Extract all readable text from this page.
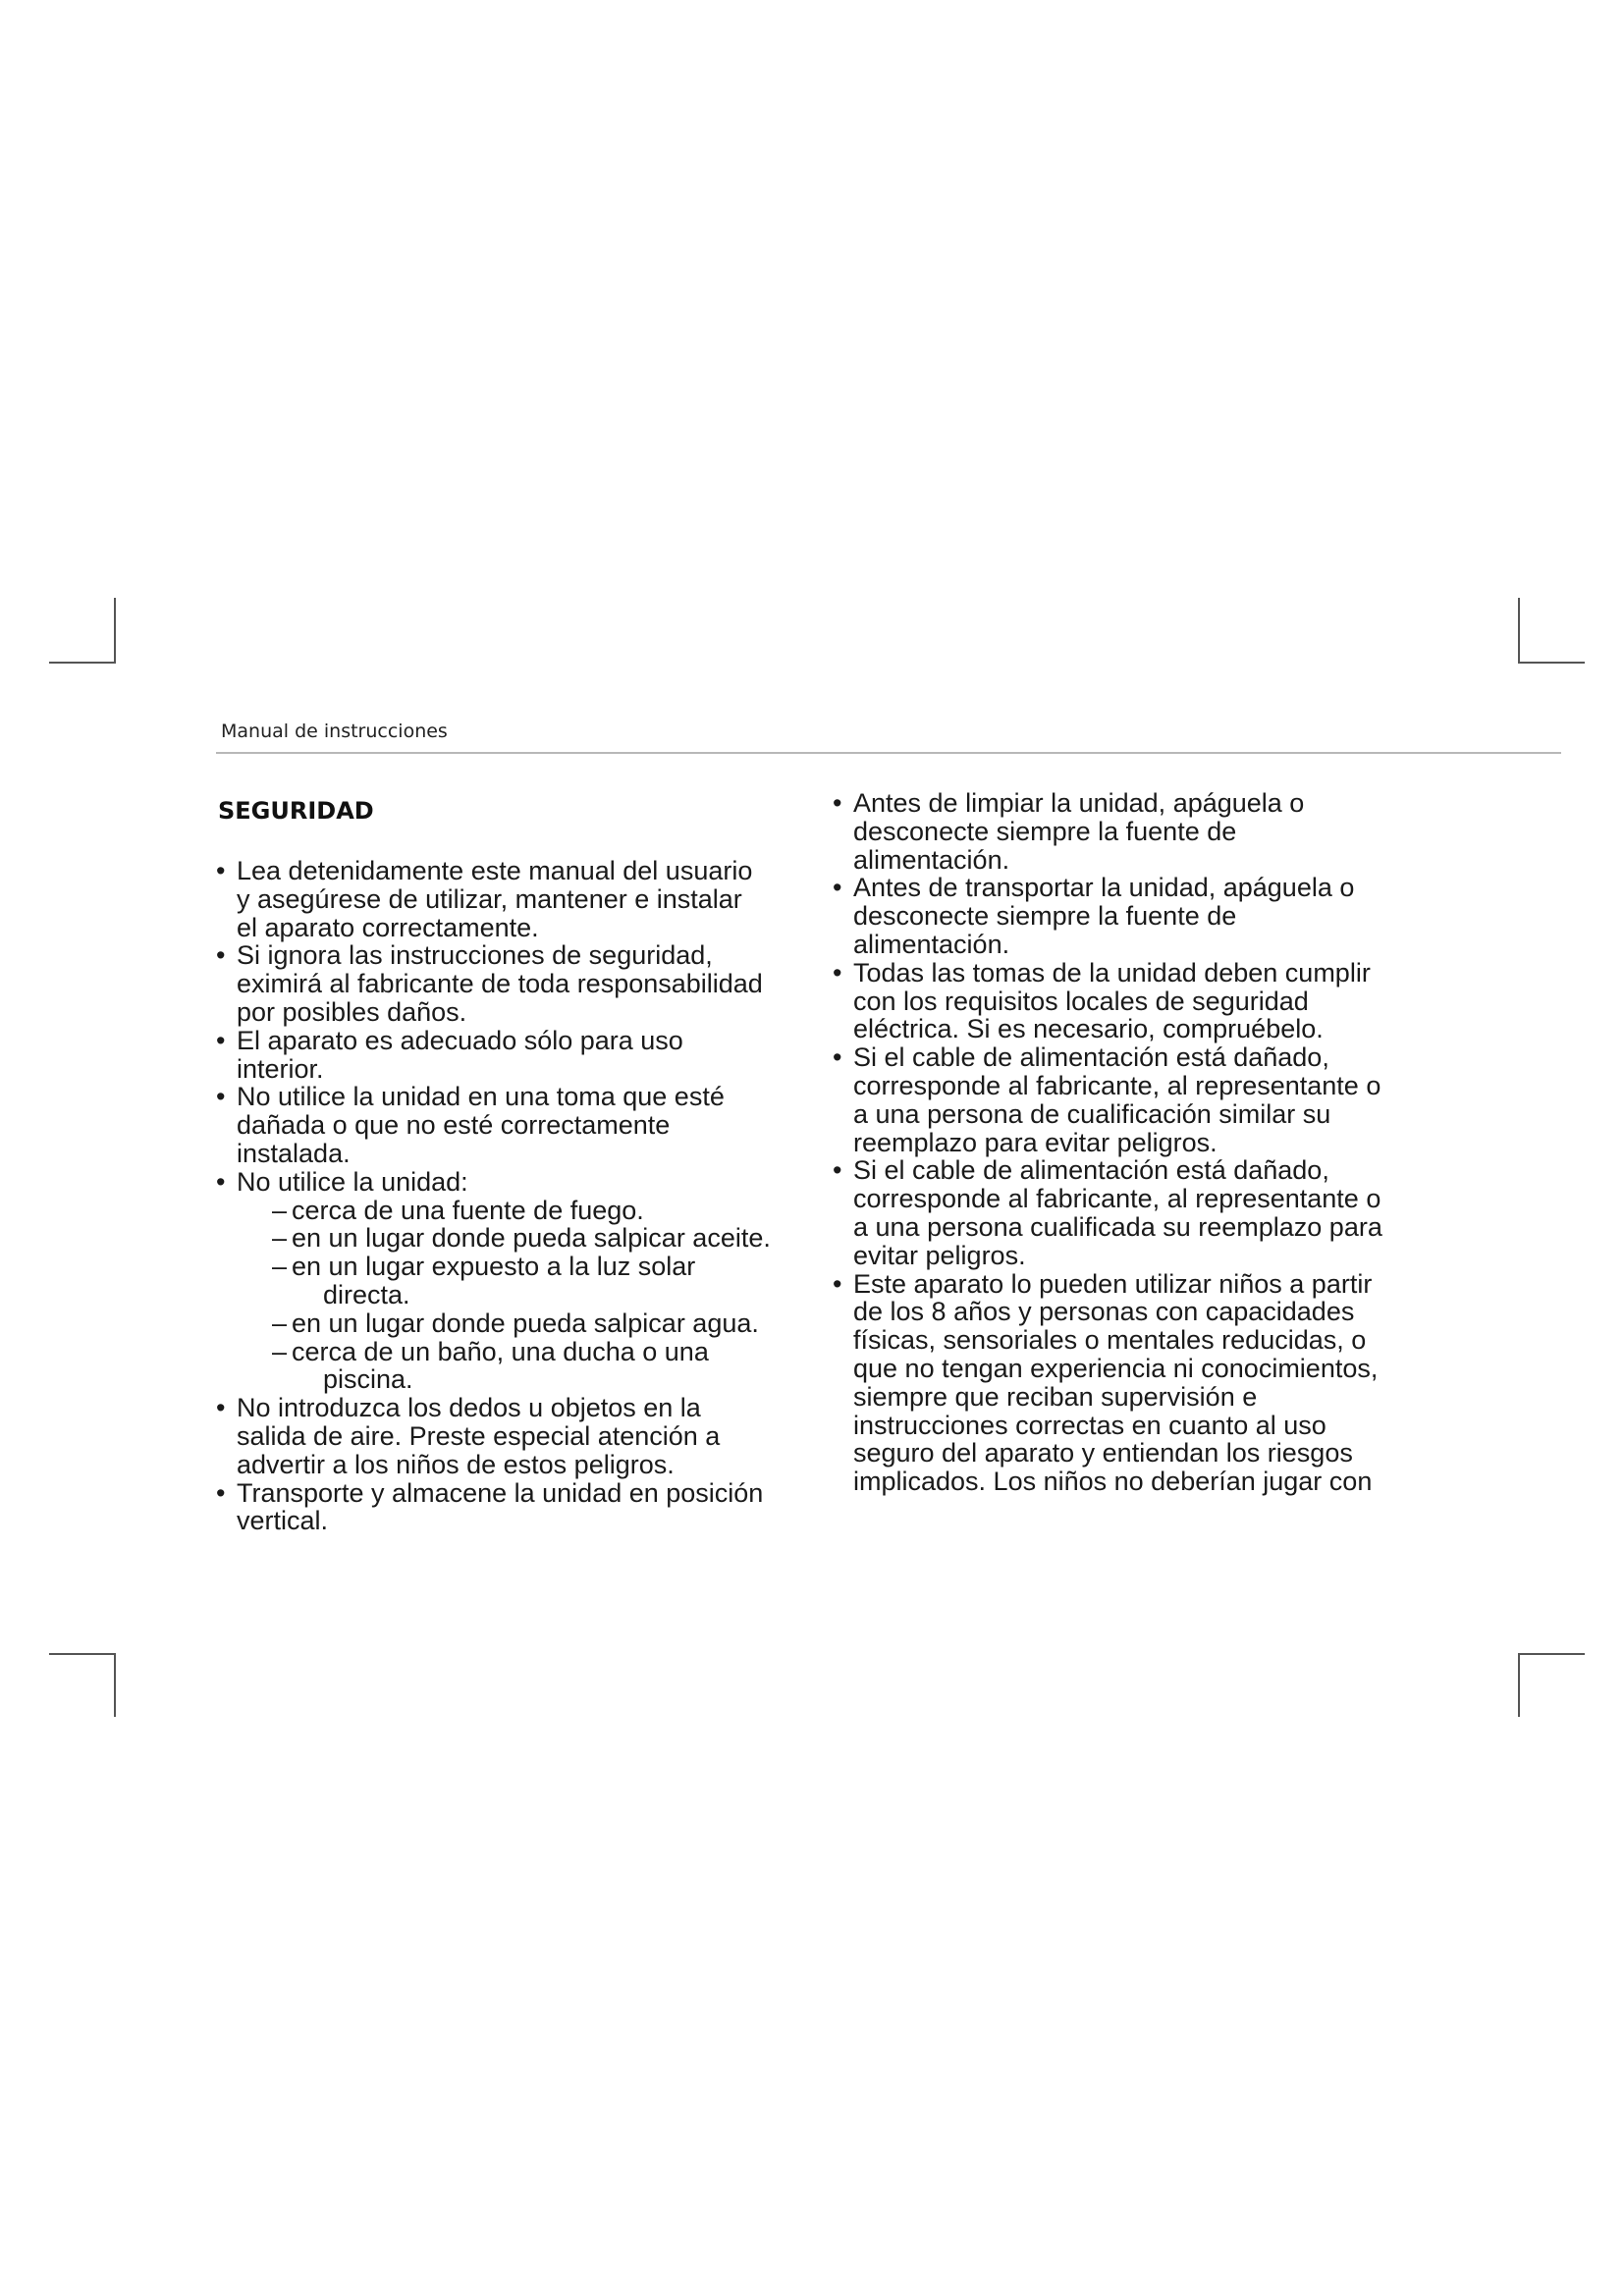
Manual de instrucciones
SEGURIDAD
• Lea detenidamente este manual del usuario
y asegúrese de utilizar, mantener e instalar
el aparato correctamente.
• Si ignora las instrucciones de seguridad,
eximirá al fabricante de toda responsabilidad
por posibles daños.
• El aparato es adecuado sólo para uso
interior.
• No utilice la unidad en una toma que esté
dañada o que no esté correctamente
instalada.
• No utilice la unidad:
– cerca de una fuente de fuego.
– en un lugar donde pueda salpicar aceite.
– en un lugar expuesto a la luz solar
directa.
– en un lugar donde pueda salpicar agua.
– cerca de un baño, una ducha o una
piscina.
• No introduzca los dedos u objetos en la
salida de aire. Preste especial atención a
advertir a los niños de estos peligros.
• Transporte y almacene la unidad en posición
vertical.
• Antes de limpiar la unidad, apáguela o
desconecte siempre la fuente de
alimentación.
• Antes de transportar la unidad, apáguela o
desconecte siempre la fuente de
alimentación.
• Todas las tomas de la unidad deben cumplir
con los requisitos locales de seguridad
eléctrica. Si es necesario, compruébelo.
• Si el cable de alimentación está dañado,
corresponde al fabricante, al representante o
a una persona de cualificación similar su
reemplazo para evitar peligros.
• Si el cable de alimentación está dañado,
corresponde al fabricante, al representante o
a una persona cualificada su reemplazo para
evitar peligros.
• Este aparato lo pueden utilizar niños a partir
de los 8 años y personas con capacidades
físicas, sensoriales o mentales reducidas, o
que no tengan experiencia ni conocimientos,
siempre que reciban supervisión e
instrucciones correctas en cuanto al uso
seguro del aparato y entiendan los riesgos
implicados. Los niños no deberían jugar con
